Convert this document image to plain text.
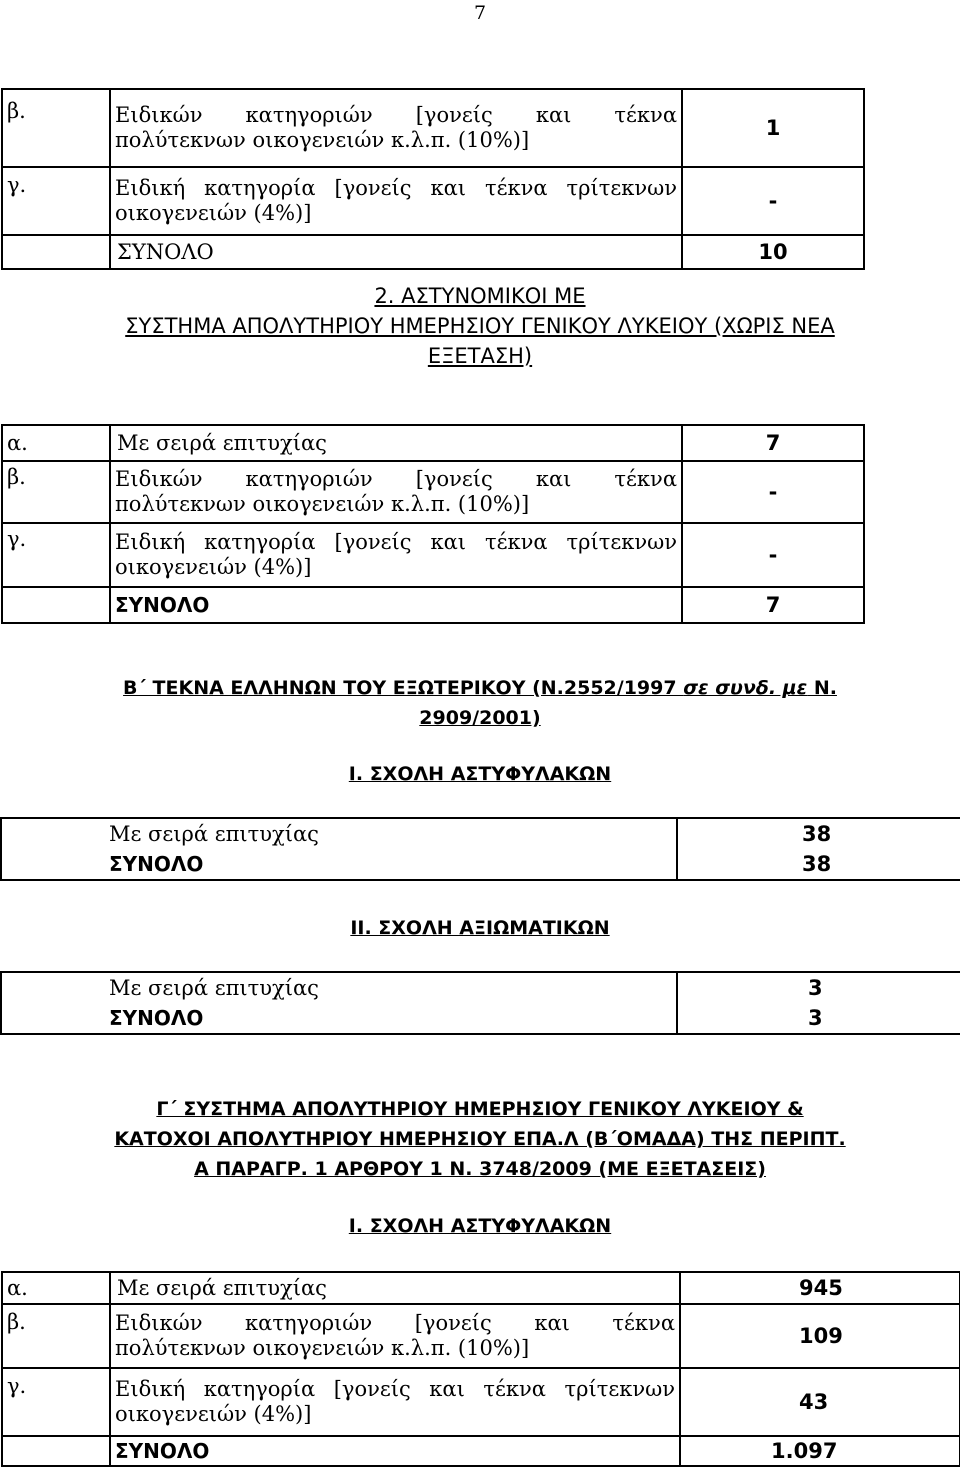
7
β.	Ειδικών κατηγοριών [γονείς και τέκνα
πολύτεκνων οικογενειών κ.λ.π. (10%)]	1
γ.	Ειδική κατηγορία [γονείς και τέκνα τρίτεκνων
οικογενειών (4%)]	-
	ΣΥΝΟΛΟ	10
2. ΑΣΤΥΝΟΜΙΚΟΙ ΜΕ
ΣΥΣΤΗΜΑ ΑΠΟΛΥΤΗΡΙΟΥ ΗΜΕΡΗΣΙΟΥ ΓΕΝΙΚΟΥ ΛΥΚΕΙΟΥ (ΧΩΡΙΣ ΝΕΑ
ΕΞΕΤΑΣΗ)
α.	Με σειρά επιτυχίας	7
β.	Ειδικών κατηγοριών [γονείς και τέκνα
πολύτεκνων οικογενειών κ.λ.π. (10%)]	-
γ.	Ειδική κατηγορία [γονείς και τέκνα τρίτεκνων
οικογενειών (4%)]	-
	ΣΥΝΟΛΟ	7
Β΄ ΤΕΚΝΑ ΕΛΛΗΝΩΝ ΤΟΥ ΕΞΩΤΕΡΙΚΟΥ (Ν.2552/1997 σε συνδ. με Ν.
2909/2001)
Ι. ΣΧΟΛΗ ΑΣΤΥΦΥΛΑΚΩΝ
	Με σειρά επιτυχίας	38
	ΣΥΝΟΛΟ	38
ΙΙ. ΣΧΟΛΗ ΑΞΙΩΜΑΤΙΚΩΝ
	Με σειρά επιτυχίας	3
	ΣΥΝΟΛΟ	3
Γ΄ ΣΥΣΤΗΜΑ ΑΠΟΛΥΤΗΡΙΟΥ ΗΜΕΡΗΣΙΟΥ ΓΕΝΙΚΟΥ ΛΥΚΕΙΟΥ &
ΚΑΤΟΧΟΙ ΑΠΟΛΥΤΗΡΙΟΥ ΗΜΕΡΗΣΙΟΥ ΕΠΑ.Λ (Β΄ΟΜΑΔΑ) ΤΗΣ ΠΕΡΙΠΤ.
Α ΠΑΡΑΓΡ. 1 ΑΡΘΡΟΥ 1 Ν. 3748/2009 (ΜΕ ΕΞΕΤΑΣΕΙΣ)
Ι. ΣΧΟΛΗ ΑΣΤΥΦΥΛΑΚΩΝ
α.	Με σειρά επιτυχίας	945
β.	Ειδικών κατηγοριών [γονείς και τέκνα
πολύτεκνων οικογενειών κ.λ.π. (10%)]	109
γ.	Ειδική κατηγορία [γονείς και τέκνα τρίτεκνων
οικογενειών (4%)]	43
	ΣΥΝΟΛΟ	1.097
